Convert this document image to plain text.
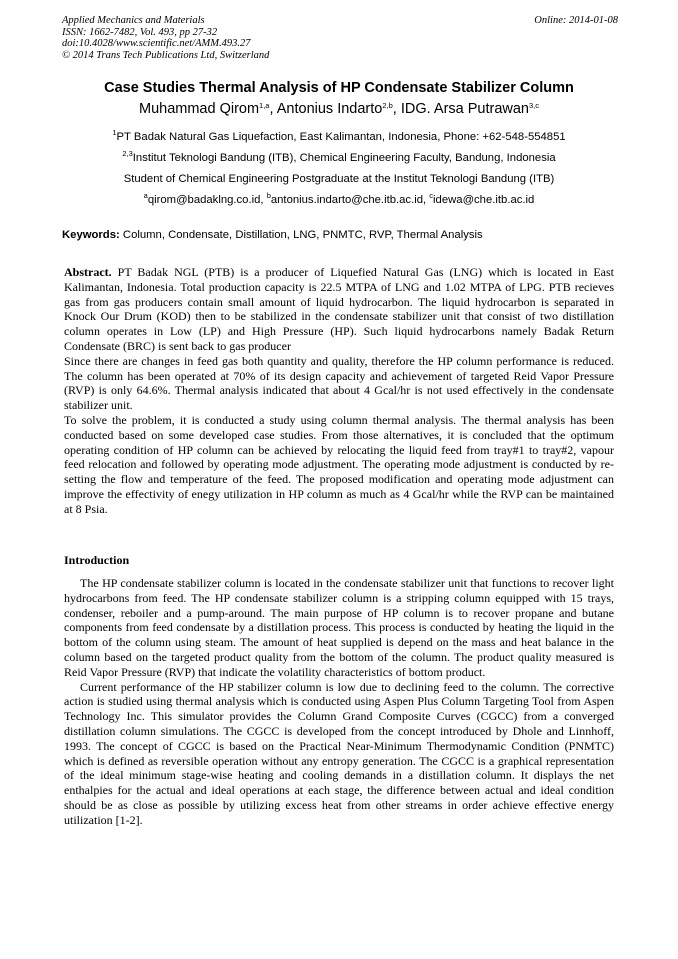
Applied Mechanics and Materials
ISSN: 1662-7482, Vol. 493, pp 27-32
doi:10.4028/www.scientific.net/AMM.493.27
© 2014 Trans Tech Publications Ltd, Switzerland
Online: 2014-01-08
Case Studies Thermal Analysis of HP Condensate Stabilizer Column
Muhammad Qirom$^{1,a}$, Antonius Indarto$^{2,b}$, IDG. Arsa Putrawan$^{3,c}$
$^1$PT Badak Natural Gas Liquefaction, East Kalimantan, Indonesia, Phone: +62-548-554851
$^{2,3}$Institut Teknologi Bandung (ITB), Chemical Engineering Faculty, Bandung, Indonesia
Student of Chemical Engineering Postgraduate at the Institut Teknologi Bandung (ITB)
$^a$qirom@badaklng.co.id, $^b$antonius.indarto@che.itb.ac.id, $^c$idewa@che.itb.ac.id
Keywords: Column, Condensate, Distillation, LNG, PNMTC, RVP, Thermal Analysis

Abstract. PT Badak NGL (PTB) is a producer of Liquefied Natural Gas (LNG) which is located in East Kalimantan, Indonesia. Total production capacity is 22.5 MTPA of LNG and 1.02 MTPA of LPG. PTB recieves gas from gas producers contain small amount of liquid hydrocarbon. The liquid hydrocarbon is separated in Knock Our Drum (KOD) then to be stabilized in the condensate stabilizer unit that consist of two distillation column operates in Low (LP) and High Pressure (HP). Such liquid hydrocarbons namely Badak Return Condensate (BRC) is sent back to gas producer

Since there are changes in feed gas both quantity and quality, therefore the HP column performance is reduced. The column has been operated at 70% of its design capacity and achievement of targeted Reid Vapor Pressure (RVP) is only 64.6%. Thermal analysis indicated that about 4 Gcal/hr is not used effectively in the condensate stabilizer unit.

To solve the problem, it is conducted a study using column thermal analysis. The thermal analysis has been conducted based on some developed case studies. From those alternatives, it is concluded that the optimum operating condition of HP column can be achieved by relocating the liquid feed from tray#1 to tray#2, vapour feed relocation and followed by operating mode adjustment. The operating mode adjustment is conducted by re-setting the flow and temperature of the feed. The proposed modification and operating mode adjustment can improve the effectivity of enegy utilization in HP column as much as 4 Gcal/hr while the RVP can be maintained at 8 Psia.

Introduction

The HP condensate stabilizer column is located in the condensate stabilizer unit that functions to recover light hydrocarbons from feed. The HP condensate stabilizer column is a stripping column equipped with 15 trays, condenser, reboiler and a pump-around. The main purpose of HP column is to recover propane and butane components from feed condensate by a distillation process. This process is conducted by heating the liquid in the bottom of the column using steam. The amount of heat supplied is depend on the mass and heat balance in the column based on the targeted product quality from the bottom of the column. The product quality measured is Reid Vapor Pressure (RVP) that indicate the volatility characteristics of bottom product.

Current performance of the HP stabilizer column is low due to declining feed to the column. The corrective action is studied using thermal analysis which is conducted using Aspen Plus Column Targeting Tool from Aspen Technology Inc. This simulator provides the Column Grand Composite Curves (CGCC) from a converged distillation column simulations. The CGCC is developed from the concept introduced by Dhole and Linnhoff, 1993. The concept of CGCC is based on the Practical Near-Minimum Thermodynamic Condition (PNMTC) which is defined as reversible operation without any entropy generation. The CGCC is a graphical representation of the ideal minimum stage-wise heating and cooling demands in a distillation column. It displays the net enthalpies for the actual and ideal operations at each stage, the difference between actual and ideal condition should be as close as possible by utilizing excess heat from other streams in order achieve effective energy utilization [1-2].
